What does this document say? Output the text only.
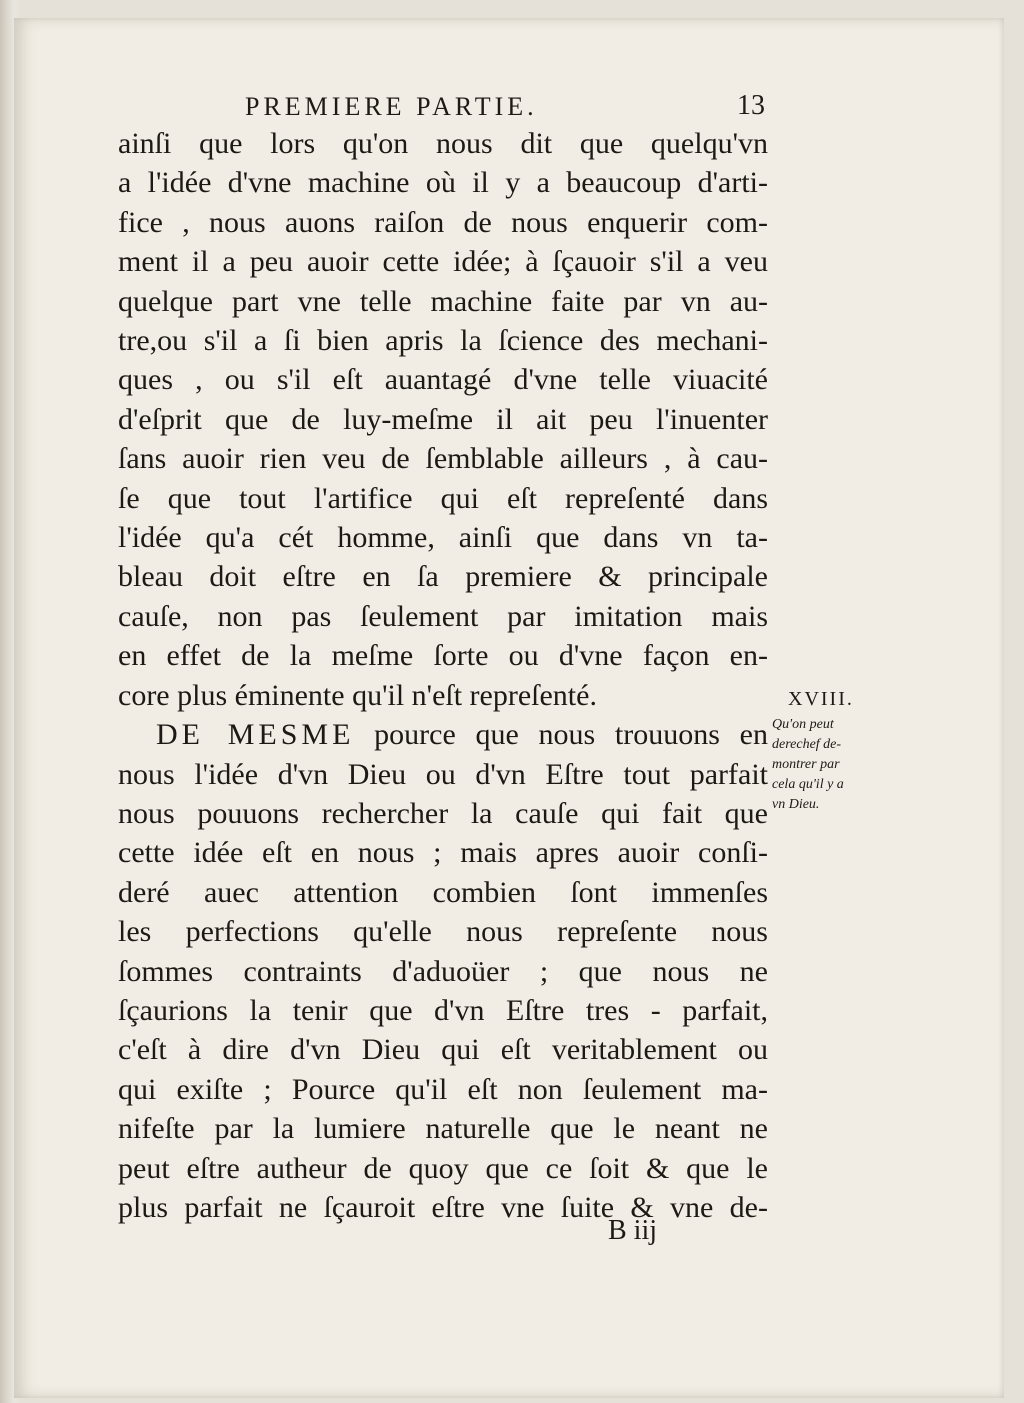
PREMIERE PARTIE.	13
ainſi que lors qu'on nous dit que quelqu'vn
a l'idée d'vne machine où il y a beaucoup d'arti-
fice , nous auons raiſon de nous enquerir com-
ment il a peu auoir cette idée; à ſçauoir s'il a veu
quelque part vne telle machine faite par vn au-
tre,ou s'il a ſi bien apris la ſcience des mechani-
ques , ou s'il eſt auantagé d'vne telle viuacité
d'eſprit que de luy-meſme il ait peu l'inuenter
ſans auoir rien veu de ſemblable ailleurs , à cau-
ſe que tout l'artifice qui eſt repreſenté dans
l'idée qu'a cét homme, ainſi que dans vn ta-
bleau doit eſtre en ſa premiere & principale
cauſe, non pas ſeulement par imitation mais
en effet de la meſme ſorte ou d'vne façon en-
core plus éminente qu'il n'eſt repreſenté.
DE MESME pource que nous trouuons en
nous l'idée d'vn Dieu ou d'vn Eſtre tout parfait
nous pouuons rechercher la cauſe qui fait que
cette idée eſt en nous ; mais apres auoir conſi-
deré auec attention combien ſont immenſes
les perfections qu'elle nous repreſente nous
ſommes contraints d'aduoüer ; que nous ne
ſçaurions la tenir que d'vn Eſtre tres - parfait,
c'eſt à dire d'vn Dieu qui eſt veritablement ou
qui exiſte ; Pource qu'il eſt non ſeulement ma-
nifeſte par la lumiere naturelle que le neant ne
peut eſtre autheur de quoy que ce ſoit & que le
plus parfait ne ſçauroit eſtre vne ſuite & vne de-
XVIII.
Qu'on peut
derechef de-
montrer par
cela qu'il y a
vn Dieu.
B iij
